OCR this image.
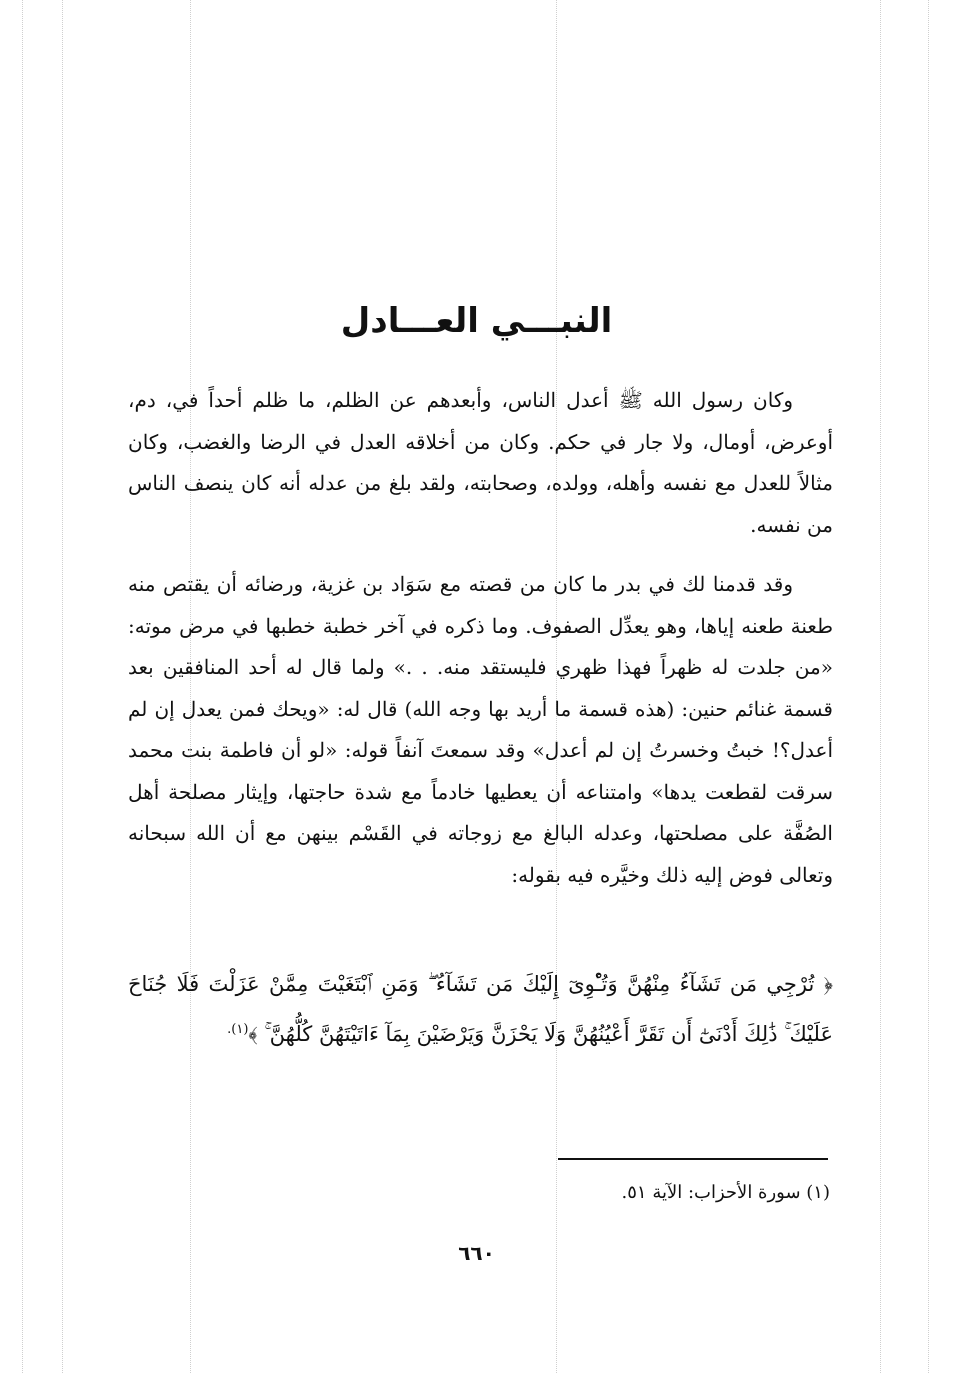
النبـــي العـــادل

وكان رسول الله ﷺ أعدل الناس، وأبعدهم عن الظلم، ما ظلم أحداً في، دم، أوعرض، أومال، ولا جار في حكم. وكان من أخلاقه العدل في الرضا والغضب، وكان مثالاً للعدل مع نفسه وأهله، وولده، وصحابته، ولقد بلغ من عدله أنه كان ينصف الناس من نفسه.

وقد قدمنا لك في بدر ما كان من قصته مع سَوَاد بن غزية، ورضائه أن يقتص منه طعنة طعنه إياها، وهو يعدِّل الصفوف. وما ذكره في آخر خطبة خطبها في مرض موته: «من جلدت له ظهراً فهذا ظهري فليستقد منه. . .» ولما قال له أحد المنافقين بعد قسمة غنائم حنين: (هذه قسمة ما أريد بها وجه الله) قال له: «ويحك فمن يعدل إن لم أعدل؟! خبتُ وخسرتُ إن لم أعدل» وقد سمعتَ آنفاً قوله: «لو أن فاطمة بنت محمد سرقت لقطعت يدها» وامتناعه أن يعطيها خادماً مع شدة حاجتها، وإيثار مصلحة أهل الصُفَّة على مصلحتها، وعدله البالغ مع زوجاته في القَسْم بينهن مع أن الله سبحانه وتعالى فوض إليه ذلك وخيَّره فيه بقوله:

﴿ تُرْجِي مَن تَشَآءُ مِنْهُنَّ وَتُـْٔوِىٓ إِلَيْكَ مَن تَشَآءُ ۖ وَمَنِ ٱبْتَغَيْتَ مِمَّنْ عَزَلْتَ فَلَا جُنَاحَ عَلَيْكَ ۚ ذَٰلِكَ أَدْنَىٰٓ أَن تَقَرَّ أَعْيُنُهُنَّ وَلَا يَحْزَنَّ وَيَرْضَيْنَ بِمَآ ءَاتَيْتَهُنَّ كُلُّهُنَّ ۚ ﴾$^{(١).}$

(١) سورة الأحزاب: الآية ٥١.

٦٦٠
